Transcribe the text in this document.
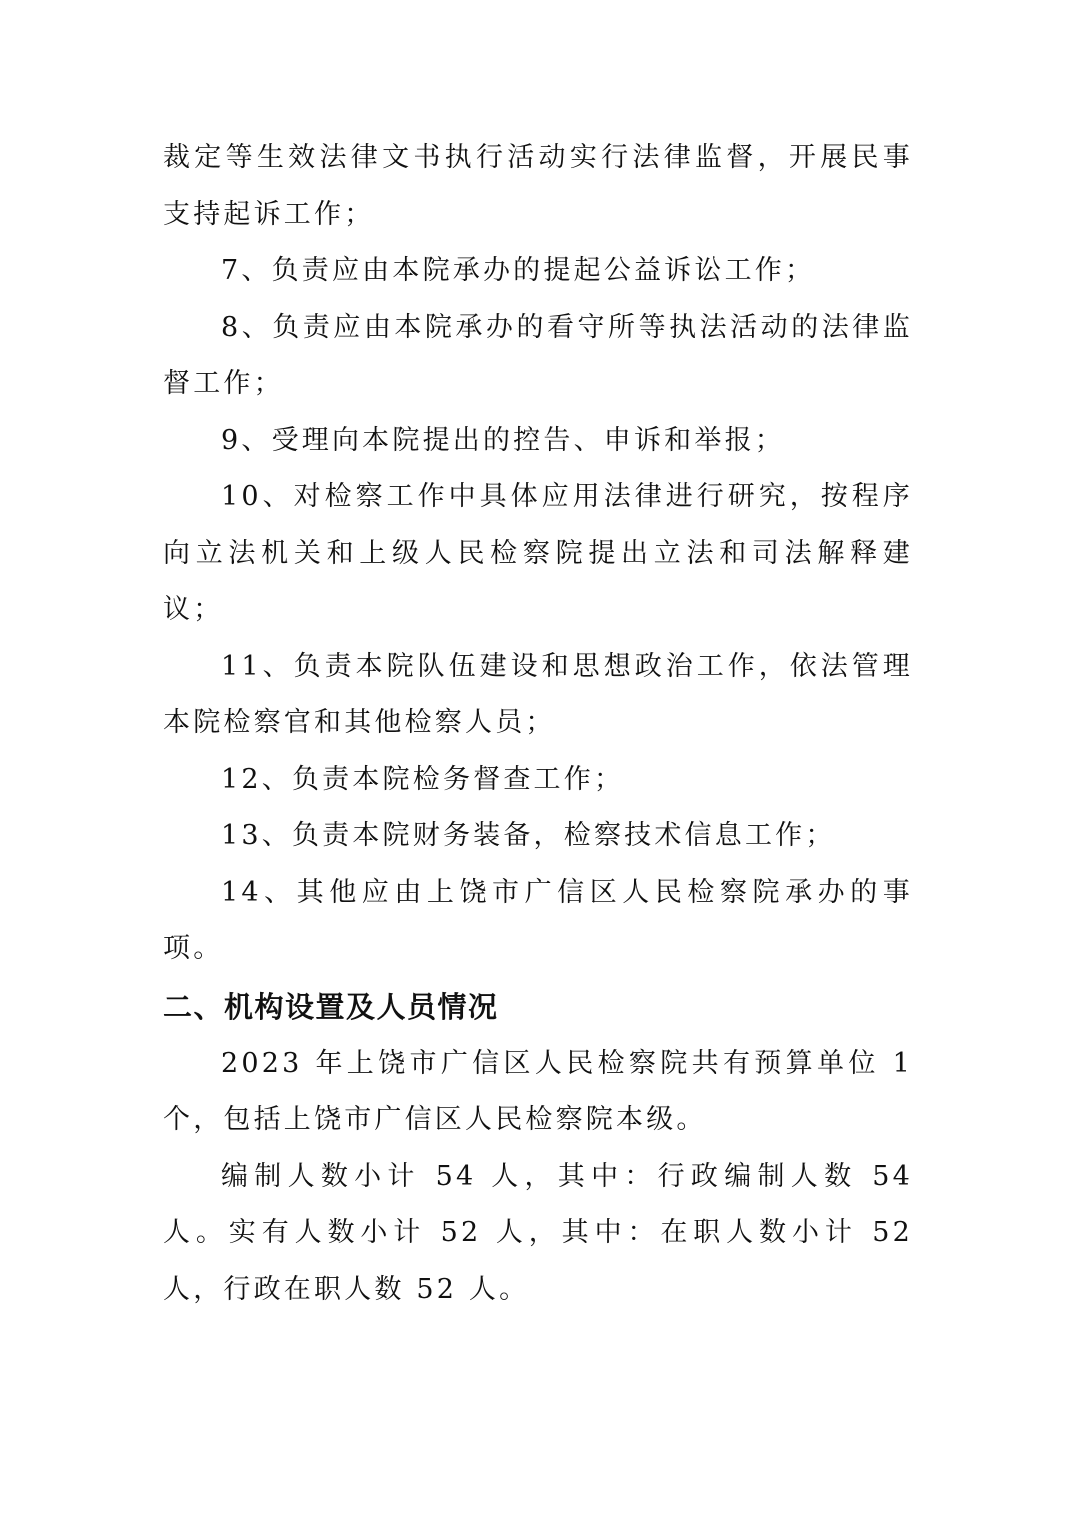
裁定等生效法律文书执行活动实行法律监督，开展民事支持起诉工作；

7、负责应由本院承办的提起公益诉讼工作；

8、负责应由本院承办的看守所等执法活动的法律监督工作；

9、受理向本院提出的控告、申诉和举报；

10、对检察工作中具体应用法律进行研究，按程序向立法机关和上级人民检察院提出立法和司法解释建议；

11、负责本院队伍建设和思想政治工作，依法管理本院检察官和其他检察人员；

12、负责本院检务督查工作；

13、负责本院财务装备，检察技术信息工作；

14、其他应由上饶市广信区人民检察院承办的事项。

二、机构设置及人员情况

2023 年上饶市广信区人民检察院共有预算单位 1 个，包括上饶市广信区人民检察院本级。

编制人数小计 54 人，其中：行政编制人数 54 人。实有人数小计 52 人，其中：在职人数小计 52 人，行政在职人数 52 人。
